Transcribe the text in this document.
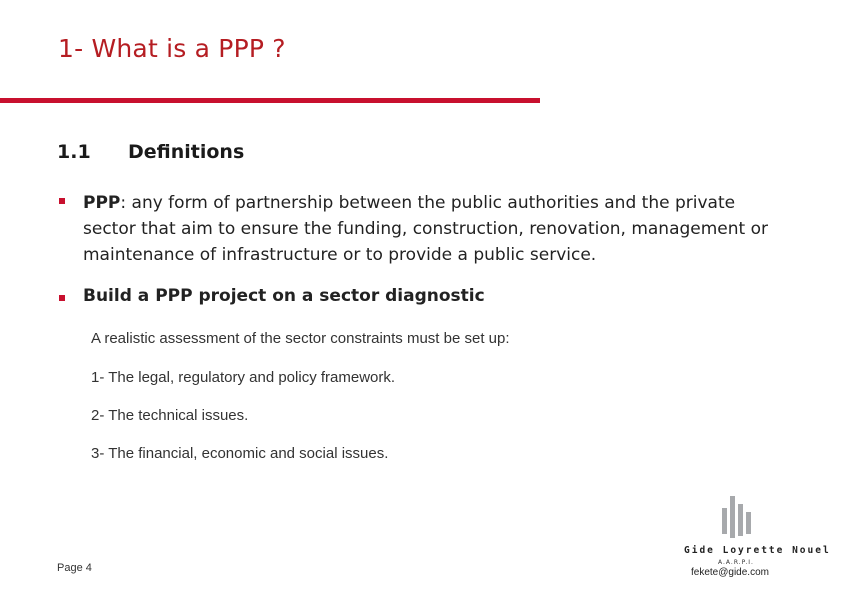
1- What is a PPP ?
1.1 Definitions
PPP: any form of partnership between the public authorities and the private sector that aim to ensure the funding, construction, renovation, management or maintenance of infrastructure or to provide a public service.
Build a PPP project on a sector diagnostic
A realistic assessment of the sector constraints must be set up:
1- The legal, regulatory and policy framework.
2- The technical issues.
3- The financial, economic and social issues.
Page 4
Gide Loyrette Nouel
A.A.R.P.I.
fekete@gide.com
